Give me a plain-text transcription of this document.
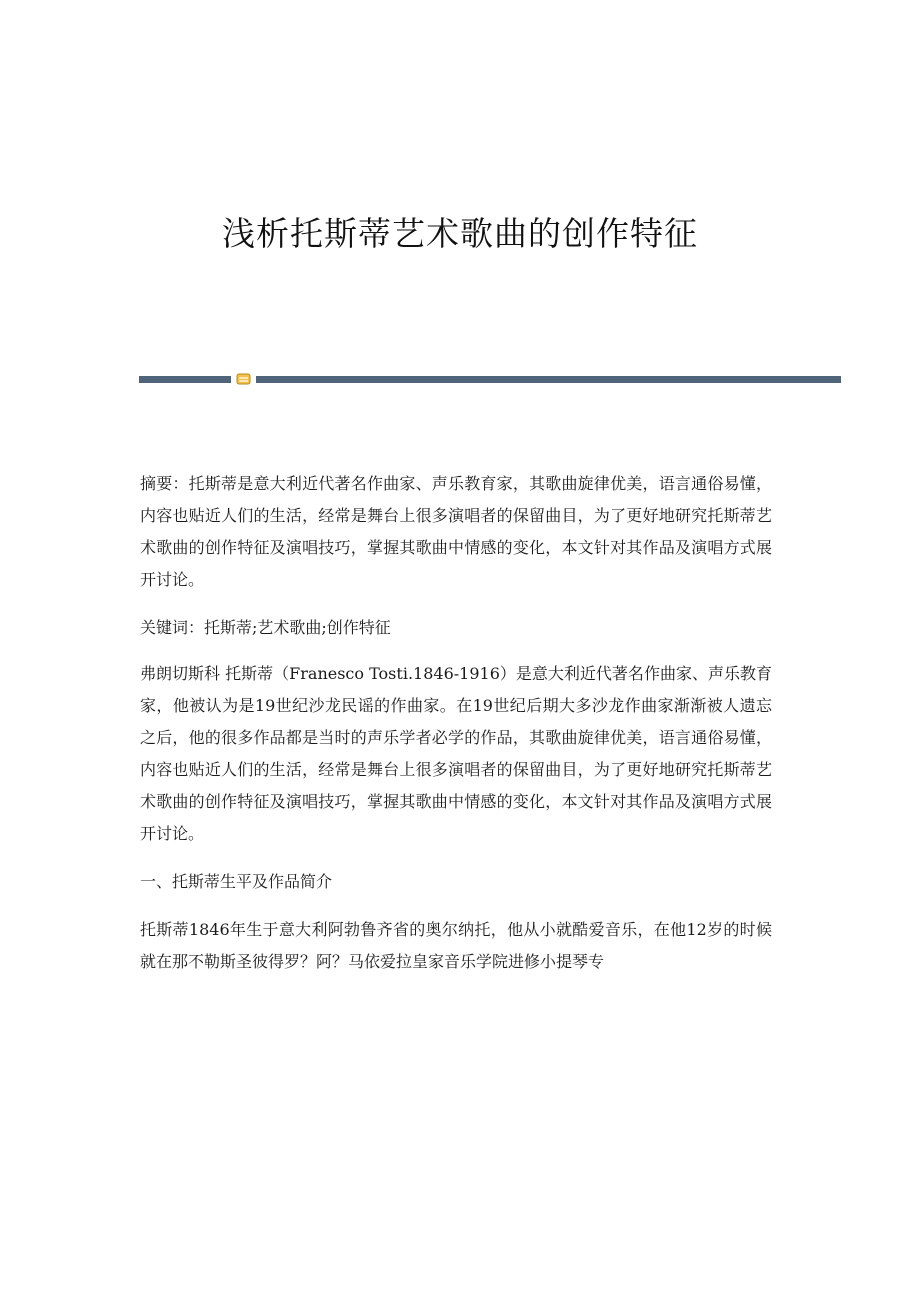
浅析托斯蒂艺术歌曲的创作特征

摘要：托斯蒂是意大利近代著名作曲家、声乐教育家，其歌曲旋律优美，语言通俗易懂，内容也贴近人们的生活，经常是舞台上很多演唱者的保留曲目，为了更好地研究托斯蒂艺术歌曲的创作特征及演唱技巧，掌握其歌曲中情感的变化，本文针对其作品及演唱方式展开讨论。

关键词：托斯蒂;艺术歌曲;创作特征

弗朗切斯科 托斯蒂（Franesco Tosti.1846-1916）是意大利近代著名作曲家、声乐教育家，他被认为是19世纪沙龙民谣的作曲家。在19世纪后期大多沙龙作曲家渐渐被人遗忘之后，他的很多作品都是当时的声乐学者必学的作品，其歌曲旋律优美，语言通俗易懂，内容也贴近人们的生活，经常是舞台上很多演唱者的保留曲目，为了更好地研究托斯蒂艺术歌曲的创作特征及演唱技巧，掌握其歌曲中情感的变化，本文针对其作品及演唱方式展开讨论。

一、托斯蒂生平及作品简介

托斯蒂1846年生于意大利阿勃鲁齐省的奥尔纳托，他从小就酷爱音乐，在他12岁的时候就在那不勒斯圣彼得罗？阿？马依爱拉皇家音乐学院进修小提琴专
